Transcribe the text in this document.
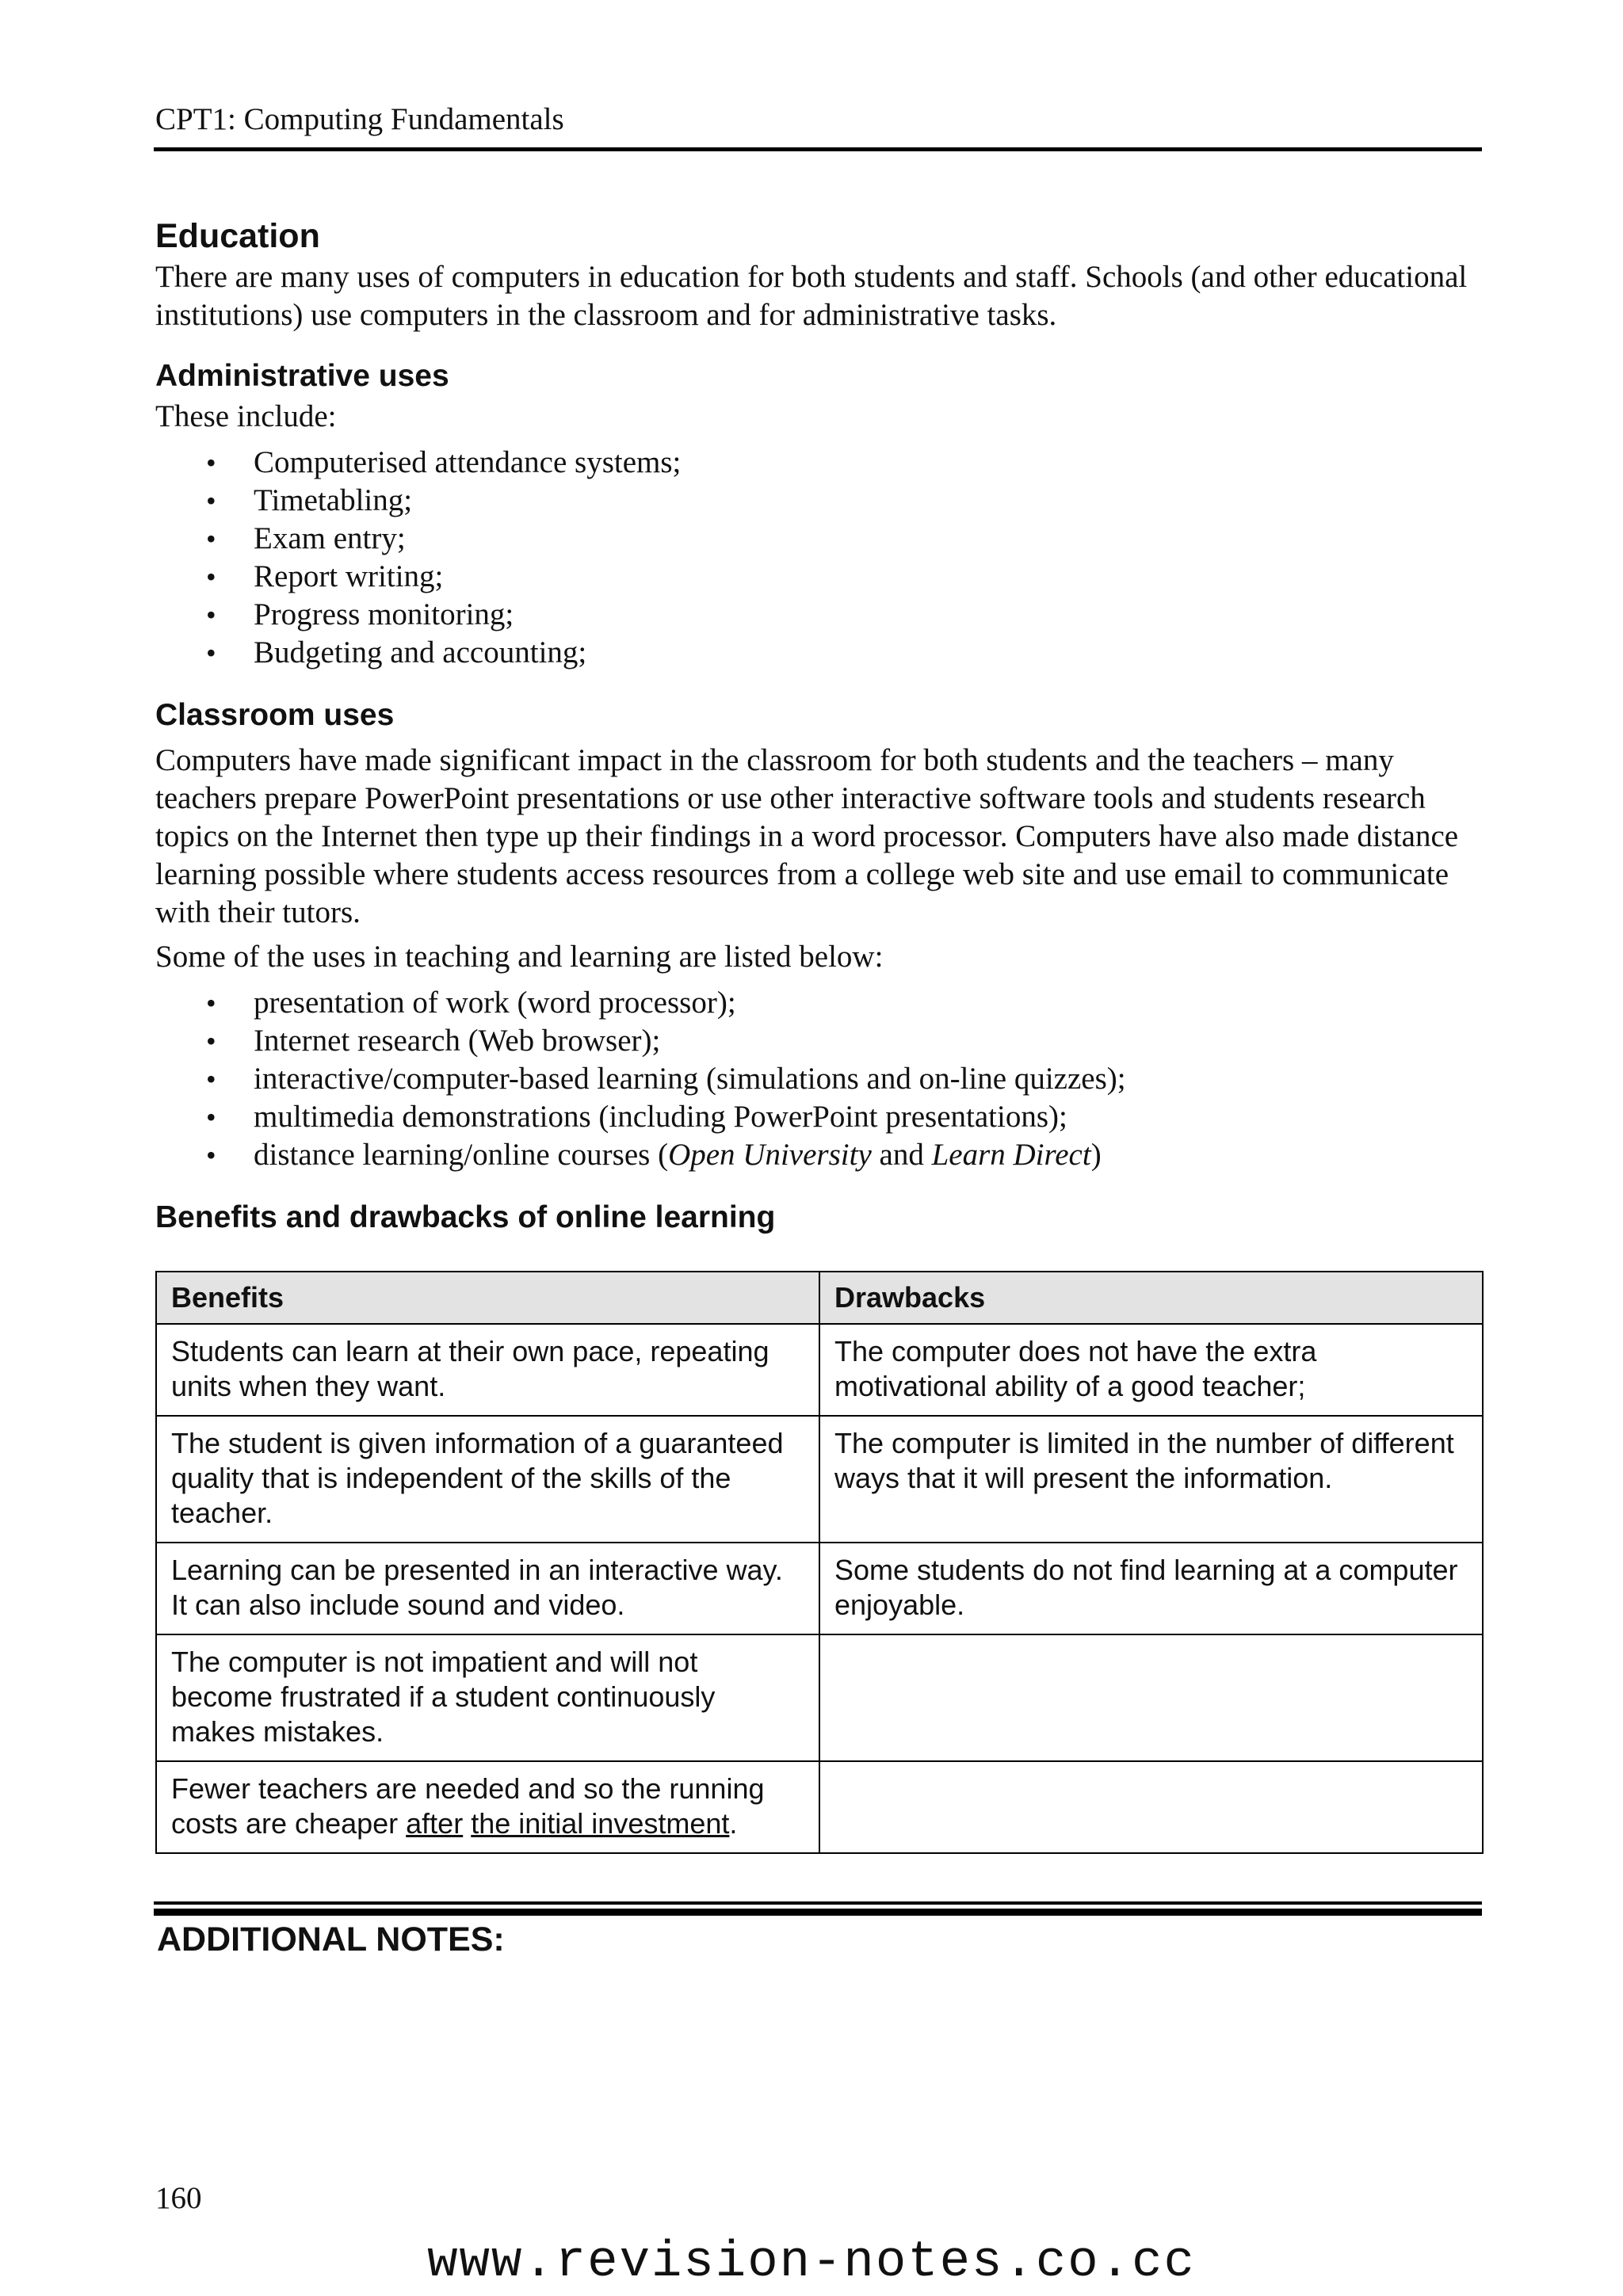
CPT1: Computing Fundamentals
Education

There are many uses of computers in education for both students and staff. Schools (and other educational institutions) use computers in the classroom and for administrative tasks.

Administrative uses

These include:

• Computerised attendance systems;
• Timetabling;
• Exam entry;
• Report writing;
• Progress monitoring;
• Budgeting and accounting;
Classroom uses

Computers have made significant impact in the classroom for both students and the teachers – many teachers prepare PowerPoint presentations or use other interactive software tools and students research topics on the Internet then type up their findings in a word processor. Computers have also made distance learning possible where students access resources from a college web site and use email to communicate with their tutors.

Some of the uses in teaching and learning are listed below:

• presentation of work (word processor);
• Internet research (Web browser);
• interactive/computer-based learning (simulations and on-line quizzes);
• multimedia demonstrations (including PowerPoint presentations);
• distance learning/online courses (Open University and Learn Direct)
Benefits and drawbacks of online learning
Benefits	Drawbacks
Students can learn at their own pace, repeating units when they want.	The computer does not have the extra motivational ability of a good teacher;
The student is given information of a guaranteed quality that is independent of the skills of the teacher.	The computer is limited in the number of different ways that it will present the information.
Learning can be presented in an interactive way. It can also include sound and video.	Some students do not find learning at a computer enjoyable.
The computer is not impatient and will not become frustrated if a student continuously makes mistakes.	
Fewer teachers are needed and so the running costs are cheaper after the initial investment.	
ADDITIONAL NOTES:
160
www.revision-notes.co.cc
